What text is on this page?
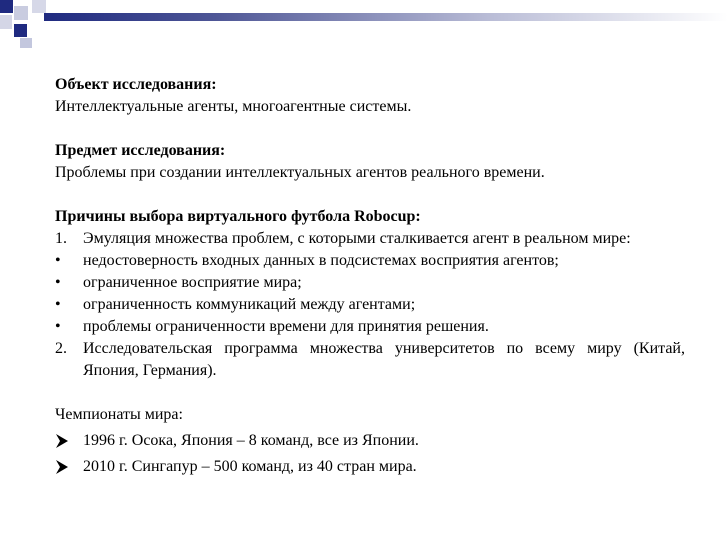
Объект исследования:
Интеллектуальные агенты, многоагентные системы.
Предмет исследования:
Проблемы при создании интеллектуальных агентов реального времени.
Причины выбора виртуального футбола Robocup:
1. Эмуляция множества проблем, с которыми сталкивается агент в реальном мире:
• недостоверность входных данных в подсистемах восприятия агентов;
• ограниченное восприятие мира;
• ограниченность коммуникаций между агентами;
• проблемы ограниченности времени для принятия решения.
2. Исследовательская программа множества университетов по всему миру (Китай, Япония, Германия).
Чемпионаты мира:
1996 г. Осока, Япония – 8 команд, все из Японии.
2010 г. Сингапур – 500 команд, из 40 стран мира.
